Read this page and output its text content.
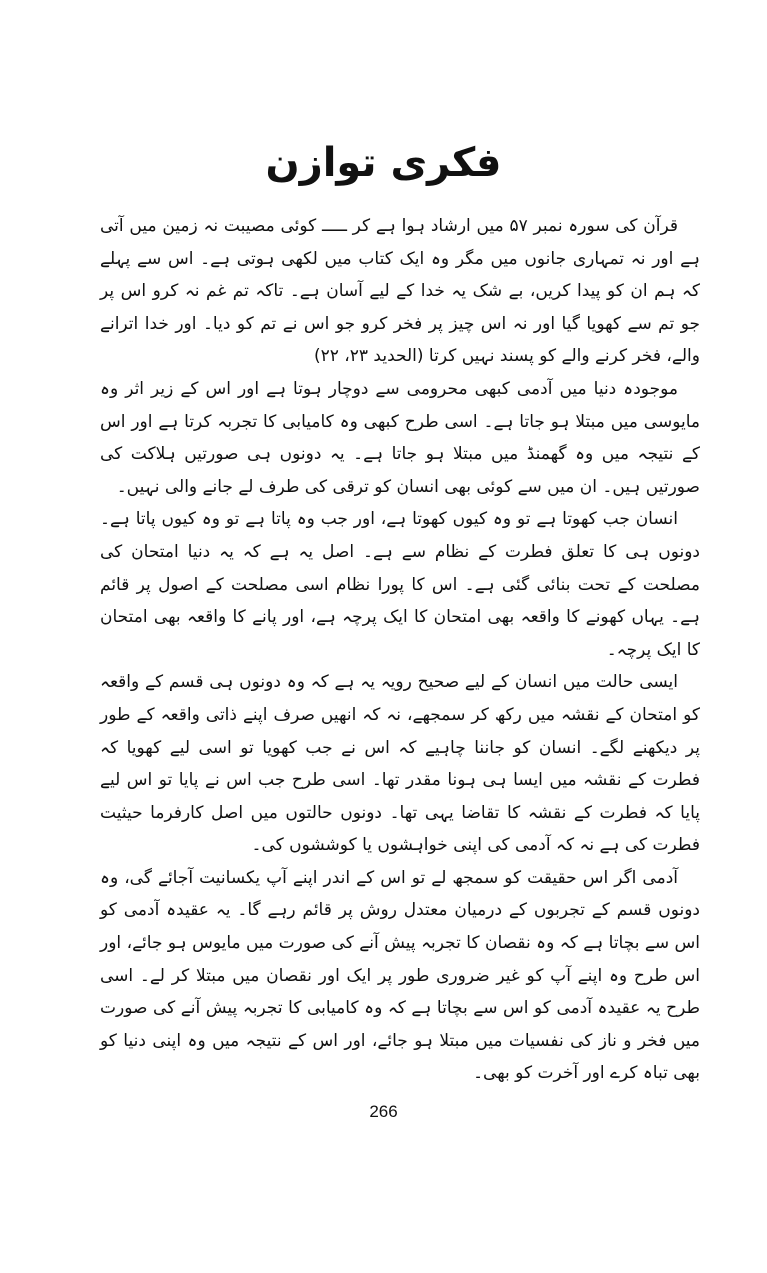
فکری توازن

قرآن کی سورہ نمبر ۵۷ میں ارشاد ہوا ہے کر ـــــ کوئی مصیبت نہ زمین میں آتی ہے اور نہ تمہاری جانوں میں مگر وہ ایک کتاب میں لکھی ہوتی ہے۔ اس سے پہلے کہ ہم ان کو پیدا کریں، بے شک یہ خدا کے لیے آسان ہے۔ تاکہ تم غم نہ کرو اس پر جو تم سے کھویا گیا اور نہ اس چیز پر فخر کرو جو اس نے تم کو دیا۔ اور خدا اترانے والے، فخر کرنے والے کو پسند نہیں کرتا (الحدید ۲۳، ۲۲)

موجودہ دنیا میں آدمی کبھی محرومی سے دوچار ہوتا ہے اور اس کے زیر اثر وہ مایوسی میں مبتلا ہو جاتا ہے۔ اسی طرح کبھی وہ کامیابی کا تجربہ کرتا ہے اور اس کے نتیجہ میں وہ گھمنڈ میں مبتلا ہو جاتا ہے۔ یہ دونوں ہی صورتیں ہلاکت کی صورتیں ہیں۔ ان میں سے کوئی بھی انسان کو ترقی کی طرف لے جانے والی نہیں۔

انسان جب کھوتا ہے تو وہ کیوں کھوتا ہے، اور جب وہ پاتا ہے تو وہ کیوں پاتا ہے۔ دونوں ہی کا تعلق فطرت کے نظام سے ہے۔ اصل یہ ہے کہ یہ دنیا امتحان کی مصلحت کے تحت بنائی گئی ہے۔ اس کا پورا نظام اسی مصلحت کے اصول پر قائم ہے۔ یہاں کھونے کا واقعہ بھی امتحان کا ایک پرچہ ہے، اور پانے کا واقعہ بھی امتحان کا ایک پرچہ۔

ایسی حالت میں انسان کے لیے صحیح رویہ یہ ہے کہ وہ دونوں ہی قسم کے واقعہ کو امتحان کے نقشہ میں رکھ کر سمجھے، نہ کہ انھیں صرف اپنے ذاتی واقعہ کے طور پر دیکھنے لگے۔ انسان کو جاننا چاہیے کہ اس نے جب کھویا تو اسی لیے کھویا کہ فطرت کے نقشہ میں ایسا ہی ہونا مقدر تھا۔ اسی طرح جب اس نے پایا تو اس لیے پایا کہ فطرت کے نقشہ کا تقاضا یہی تھا۔ دونوں حالتوں میں اصل کارفرما حیثیت فطرت کی ہے نہ کہ آدمی کی اپنی خواہشوں یا کوششوں کی۔

آدمی اگر اس حقیقت کو سمجھ لے تو اس کے اندر اپنے آپ یکسانیت آجائے گی، وہ دونوں قسم کے تجربوں کے درمیان معتدل روش پر قائم رہے گا۔ یہ عقیدہ آدمی کو اس سے بچاتا ہے کہ وہ نقصان کا تجربہ پیش آنے کی صورت میں مایوس ہو جائے، اور اس طرح وہ اپنے آپ کو غیر ضروری طور پر ایک اور نقصان میں مبتلا کر لے۔ اسی طرح یہ عقیدہ آدمی کو اس سے بچاتا ہے کہ وہ کامیابی کا تجربہ پیش آنے کی صورت میں فخر و ناز کی نفسیات میں مبتلا ہو جائے، اور اس کے نتیجہ میں وہ اپنی دنیا کو بھی تباہ کرے اور آخرت کو بھی۔

266
